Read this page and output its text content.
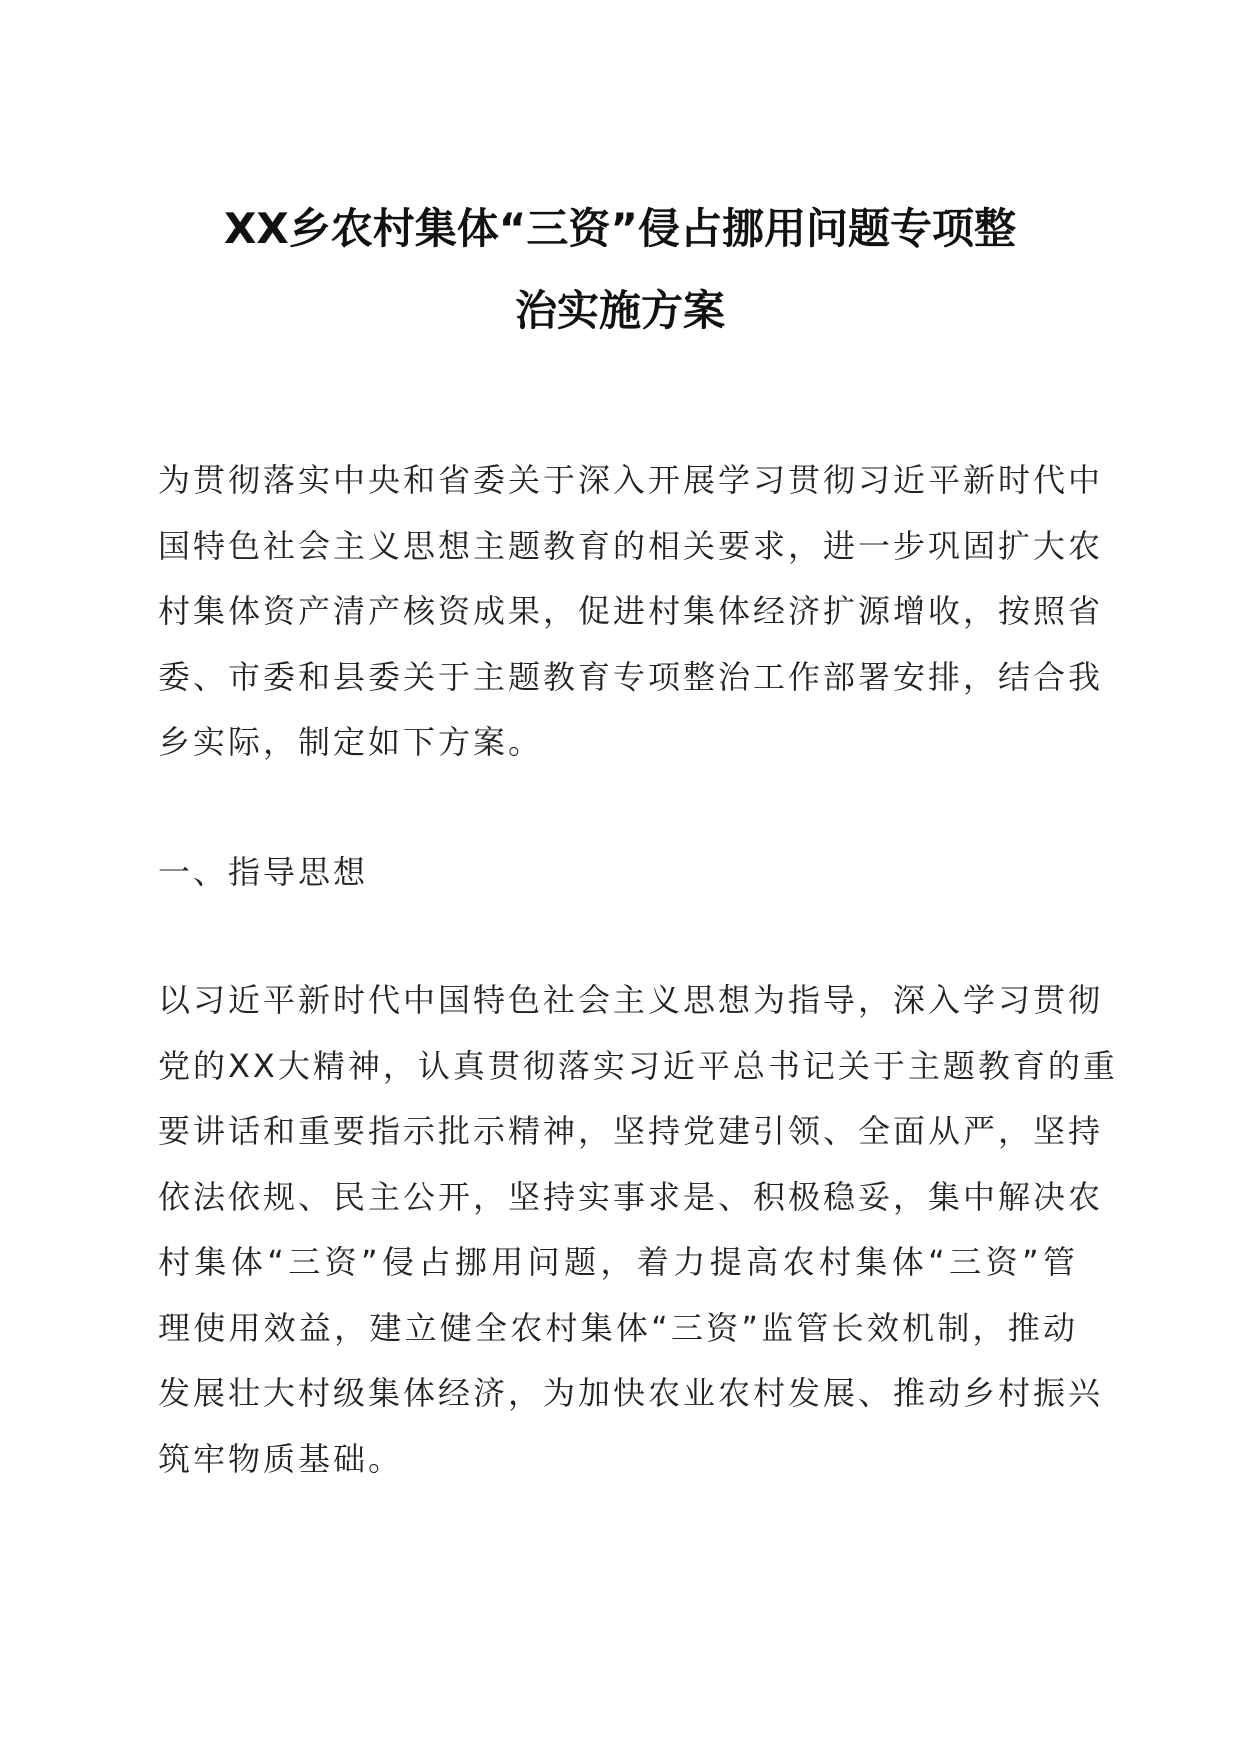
XX乡农村集体“三资”侵占挪用问题专项整
治实施方案

为贯彻落实中央和省委关于深入开展学习贯彻习近平新时代中
国特色社会主义思想主题教育的相关要求，进一步巩固扩大农
村集体资产清产核资成果，促进村集体经济扩源增收，按照省
委、市委和县委关于主题教育专项整治工作部署安排，结合我
乡实际，制定如下方案。

一、指导思想

以习近平新时代中国特色社会主义思想为指导，深入学习贯彻
党的XX大精神，认真贯彻落实习近平总书记关于主题教育的重
要讲话和重要指示批示精神，坚持党建引领、全面从严，坚持
依法依规、民主公开，坚持实事求是、积极稳妥，集中解决农
村集体“三资”侵占挪用问题，着力提高农村集体“三资”管
理使用效益，建立健全农村集体“三资”监管长效机制，推动
发展壮大村级集体经济，为加快农业农村发展、推动乡村振兴
筑牢物质基础。
